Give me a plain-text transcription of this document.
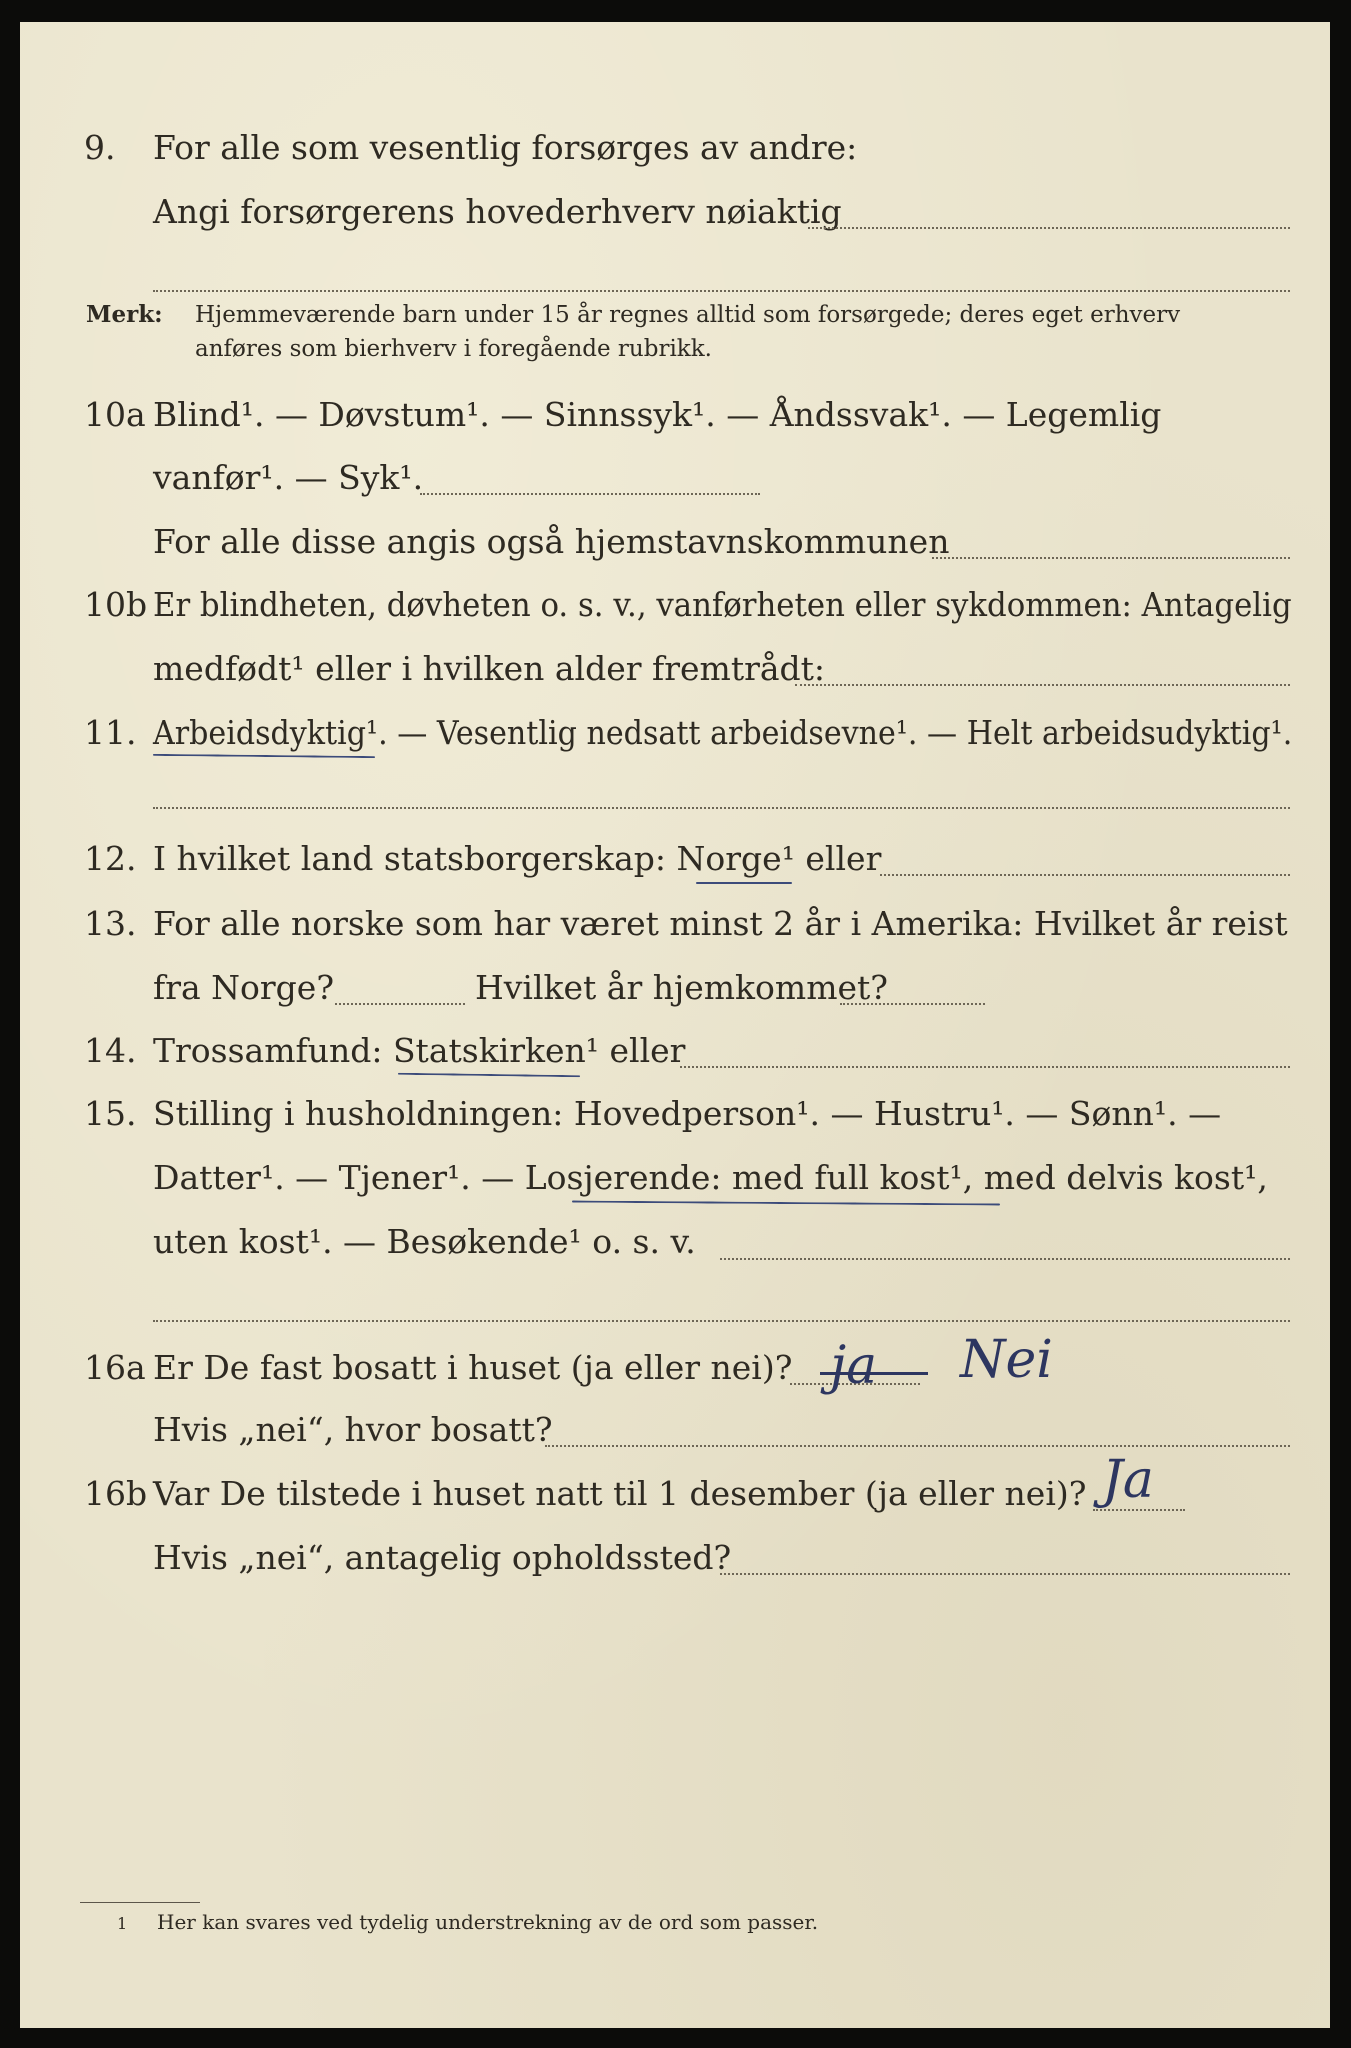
9. For alle som vesentlig forsørges av andre:
Angi forsørgerens hovederhverv nøiaktig
Merk: Hjemmeværende barn under 15 år regnes alltid som forsørgede; deres eget erhverv
anføres som bierhverv i foregående rubrikk.
10a Blind¹. — Døvstum¹. — Sinnssyk¹. — Åndssvak¹. — Legemlig
vanfør¹. — Syk¹.
For alle disse angis også hjemstavnskommunen
10b Er blindheten, døvheten o. s. v., vanførheten eller sykdommen: Antagelig
medfødt¹ eller i hvilken alder fremtrådt:
11. Arbeidsdyktig¹. — Vesentlig nedsatt arbeidsevne¹. — Helt arbeidsudyktig¹.
12. I hvilket land statsborgerskap: Norge¹ eller
13. For alle norske som har været minst 2 år i Amerika: Hvilket år reist
fra Norge?	Hvilket år hjemkommet?
14. Trossamfund: Statskirken¹ eller
15. Stilling i husholdningen: Hovedperson¹. — Hustru¹. — Sønn¹. —
Datter¹. — Tjener¹. — Losjerende: med full kost¹, med delvis kost¹,
uten kost¹. — Besøkende¹ o. s. v.
16a Er De fast bosatt i huset (ja eller nei)? ja Nei
Hvis „nei“, hvor bosatt?
16b Var De tilstede i huset natt til 1 desember (ja eller nei)? Ja
Hvis „nei“, antagelig opholdssted?
1 Her kan svares ved tydelig understrekning av de ord som passer.
